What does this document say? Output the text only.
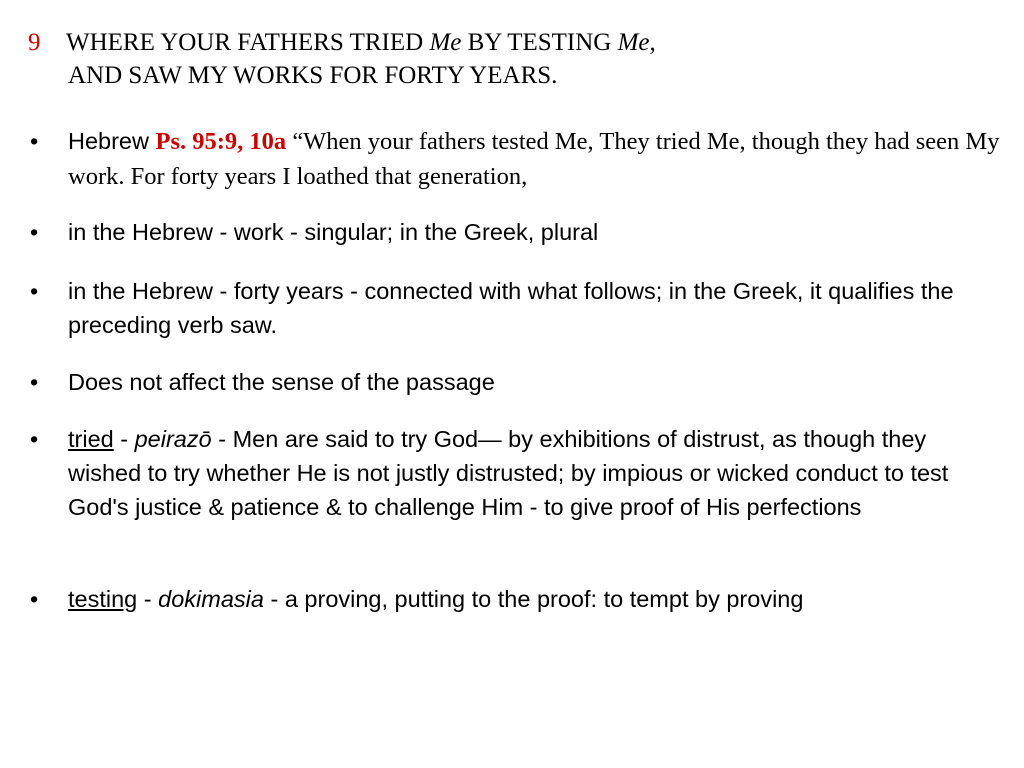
9 WHERE YOUR FATHERS TRIED Me BY TESTING Me,
AND SAW MY WORKS FOR FORTY YEARS.
•	Hebrew Ps. 95:9, 10a “When your fathers tested Me, They tried Me, though they had seen My work. For forty years I loathed that generation,
•	in the Hebrew - work - singular; in the Greek, plural
•	in the Hebrew - forty years - connected with what follows; in the Greek, it qualifies the preceding verb saw.
•	Does not affect the sense of the passage
•	tried - peirazō - Men are said to try God— by exhibitions of distrust, as though they wished to try whether He is not justly distrusted; by impious or wicked conduct to test God's justice & patience & to challenge Him - to give proof of His perfections
•	testing - dokimasia - a proving, putting to the proof: to tempt by proving
